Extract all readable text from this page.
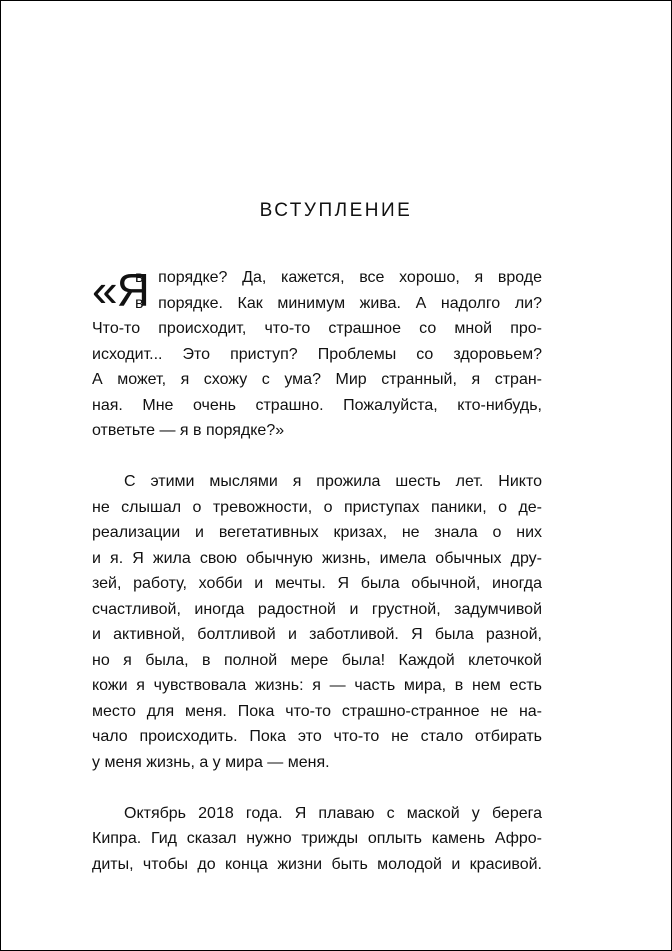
ВСТУПЛЕНИЕ
«Я
в порядке? Да, кажется, все хорошо, я вроде
в порядке. Как минимум жива. А надолго ли?
Что-то происходит, что-то страшное со мной про-
исходит... Это приступ? Проблемы со здоровьем?
А может, я схожу с ума? Мир странный, я стран-
ная. Мне очень страшно. Пожалуйста, кто-нибудь,
ответьте — я в порядке?»
С этими мыслями я прожила шесть лет. Никто
не слышал о тревожности, о приступах паники, о де-
реализации и вегетативных кризах, не знала о них
и я. Я жила свою обычную жизнь, имела обычных дру-
зей, работу, хобби и мечты. Я была обычной, иногда
счастливой, иногда радостной и грустной, задумчивой
и активной, болтливой и заботливой. Я была разной,
но я была, в полной мере была! Каждой клеточкой
кожи я чувствовала жизнь: я — часть мира, в нем есть
место для меня. Пока что-то страшно-странное не на-
чало происходить. Пока это что-то не стало отбирать
у меня жизнь, а у мира — меня.
Октябрь 2018 года. Я плаваю с маской у берега
Кипра. Гид сказал нужно трижды оплыть камень Афро-
диты, чтобы до конца жизни быть молодой и красивой.
